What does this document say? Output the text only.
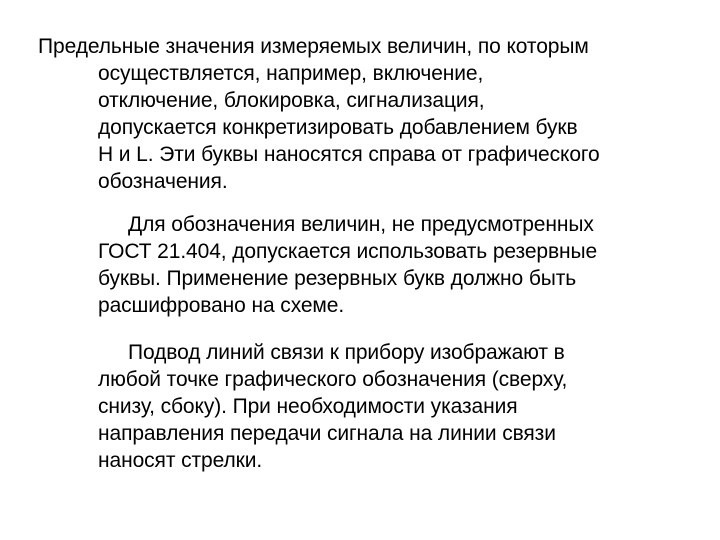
Предельные значения измеряемых величин, по которым
осуществляется, например, включение,
отключение, блокировка, сигнализация,
допускается конкретизировать добавлением букв
Н и L. Эти буквы наносятся справа от графического
обозначения.

Для обозначения величин, не предусмотренных
ГОСТ 21.404, допускается использовать резервные
буквы. Применение резервных букв должно быть
расшифровано на схеме.

Подвод линий связи к прибору изображают в
любой точке графического обозначения (сверху,
снизу, сбоку). При необходимости указания
направления передачи сигнала на линии связи
наносят стрелки.
